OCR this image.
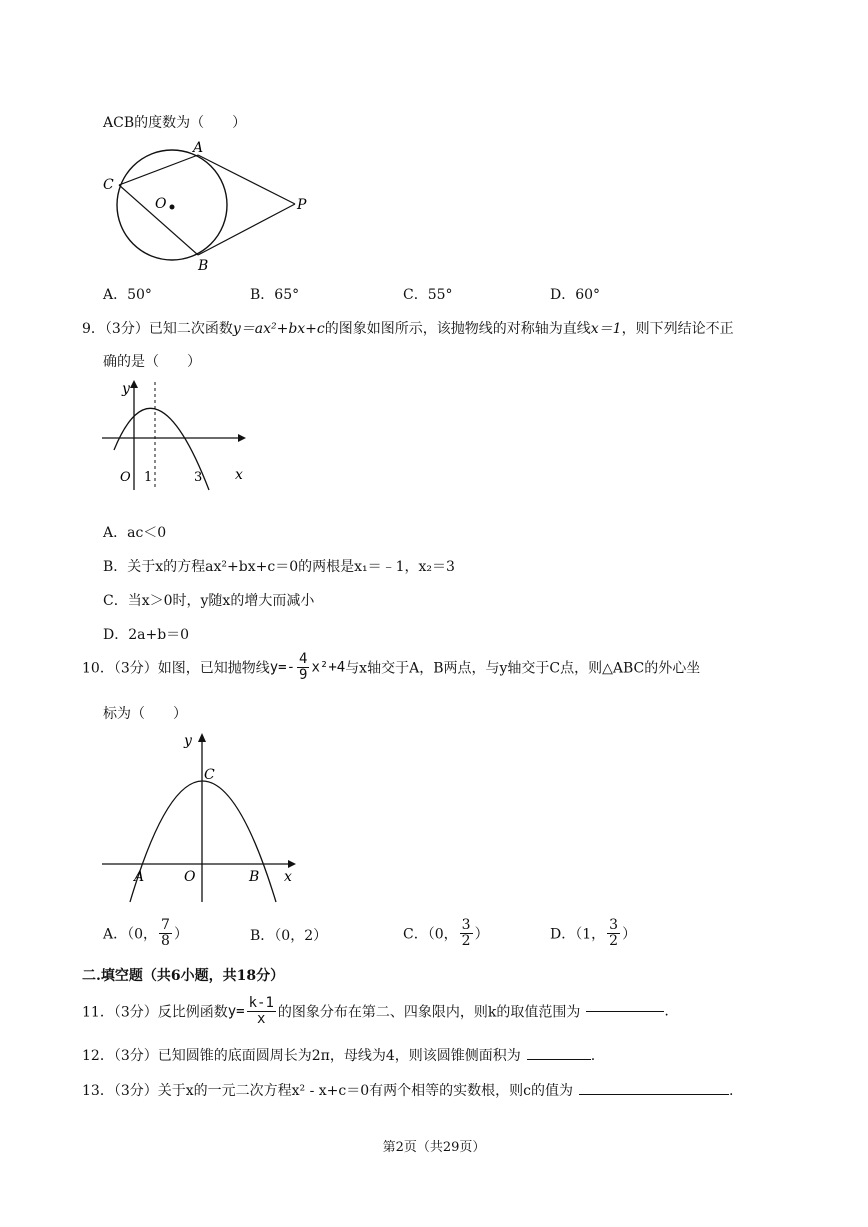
ACB的度数为（　　）
A
C
O	P
B
A．50°	B．65°	C．55°	D．60°
9．（3分）已知二次函数y＝ax²+bx+c的图象如图所示，该抛物线的对称轴为直线x＝1，则下列结论不正
确的是（　　）
y
x
O 1	3
A．ac＜0
B．关于x的方程ax²+bx+c＝0的两根是x₁＝﹣1，x₂＝3
C．当x＞0时，y随x的增大而减小
D．2a+b＝0
10．（3分）如图，已知抛物线$y=- \frac{4}{9} x^2+4$与x轴交于A，B两点，与y轴交于C点，则△ABC的外心坐
标为（　　）
y
x
C
A	O	B
A．（0， $\frac{7}{8}$ ）	B．（0，2）	C．（0， $\frac{3}{2}$ ）	D．（1， $\frac{3}{2}$ ）
二.填空题（共6小题，共18分）
11．（3分）反比例函数$y= \frac{k-1}{x}$ 的图象分布在第二、四象限内，则k的取值范围为	.
12．（3分）已知圆锥的底面圆周长为2π，母线为4，则该圆锥侧面积为	.
13．（3分）关于x的一元二次方程x² - x+c＝0有两个相等的实数根，则c的值为	.
第2页（共29页）
